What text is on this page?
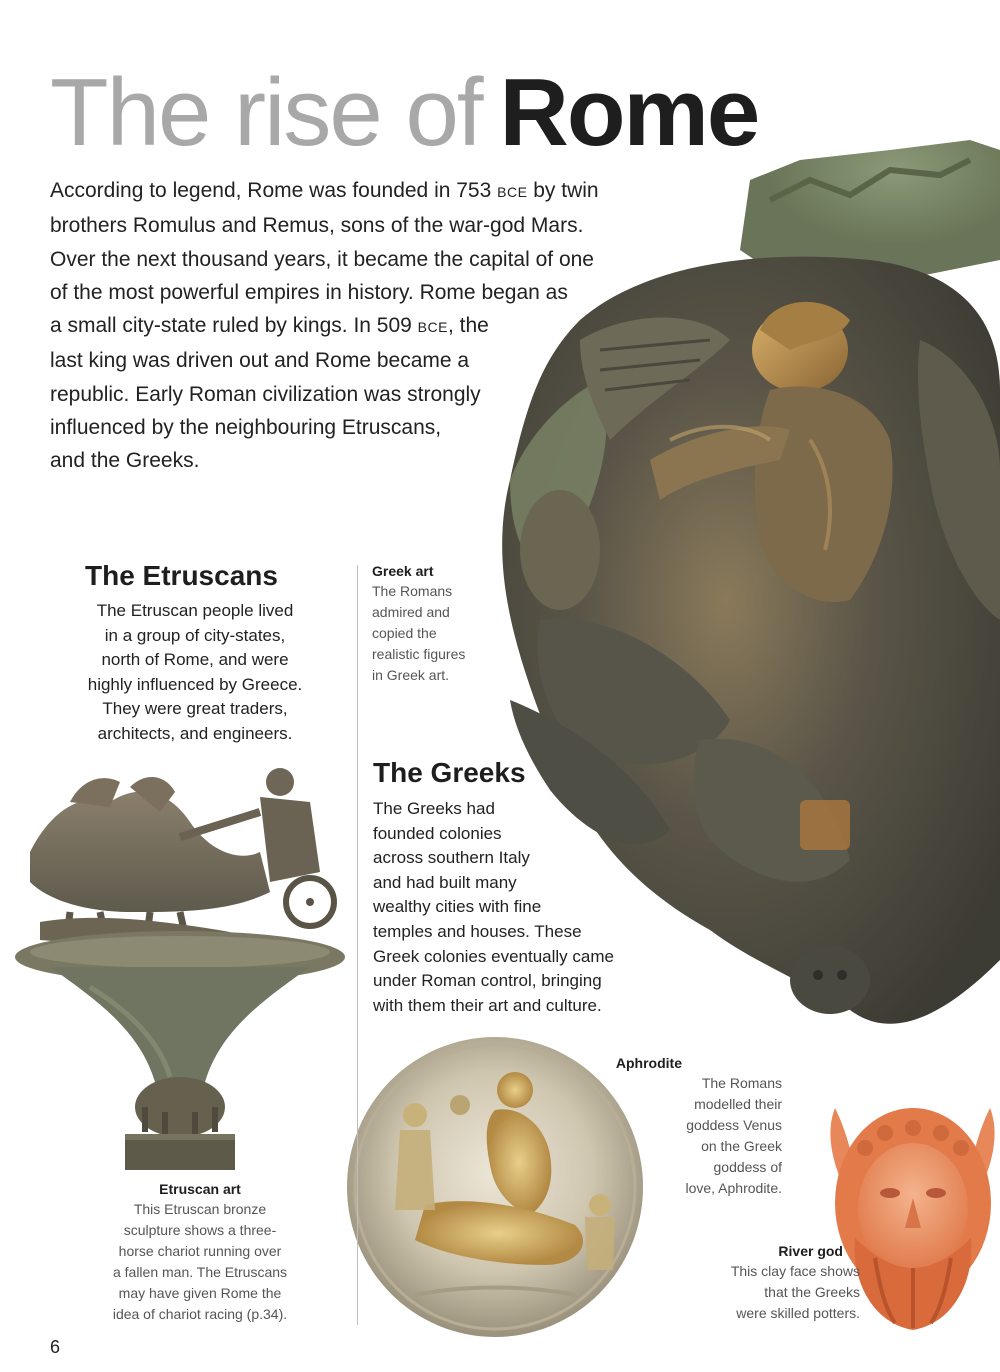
The rise of Rome
According to legend, Rome was founded in 753 BCE by twin
brothers Romulus and Remus, sons of the war-god Mars.
Over the next thousand years, it became the capital of one
of the most powerful empires in history. Rome began as
a small city-state ruled by kings. In 509 BCE, the
last king was driven out and Rome became a
republic. Early Roman civilization was strongly
influenced by the neighbouring Etruscans,
and the Greeks.
The Etruscans
The Etruscan people lived
in a group of city-states,
north of Rome, and were
highly influenced by Greece.
They were great traders,
architects, and engineers.
Greek art
The Romans
admired and
copied the
realistic figures
in Greek art.
The Greeks
The Greeks had
founded colonies
across southern Italy
and had built many
wealthy cities with fine
temples and houses. These
Greek colonies eventually came
under Roman control, bringing
with them their art and culture.
Etruscan art
This Etruscan bronze
sculpture shows a three-
horse chariot running over
a fallen man. The Etruscans
may have given Rome the
idea of chariot racing (p.34).
Aphrodite
The Romans
modelled their
goddess Venus
on the Greek
goddess of
love, Aphrodite.
River god
This clay face shows
that the Greeks
were skilled potters.
6
